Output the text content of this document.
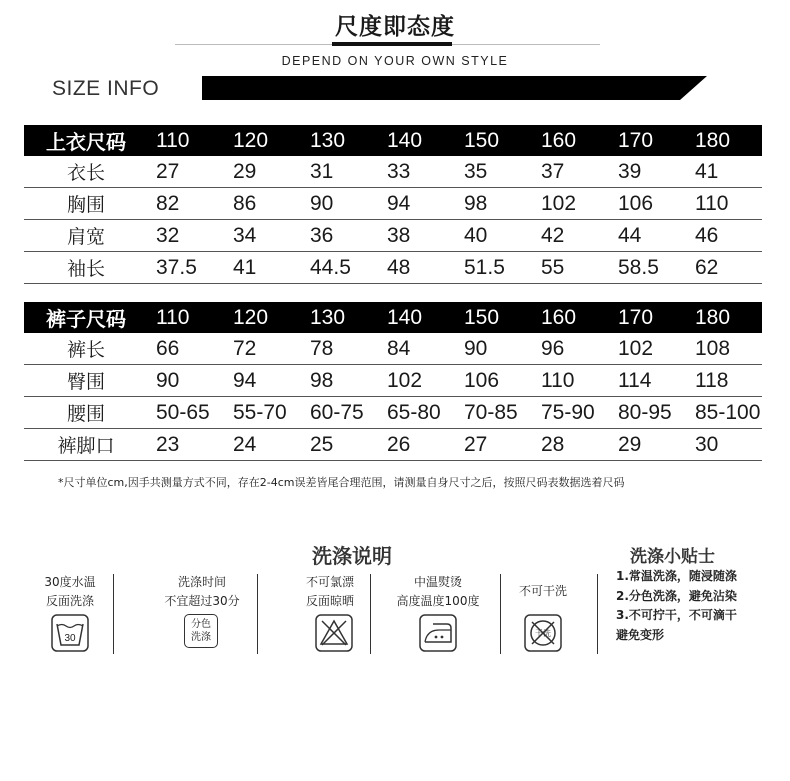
尺度即态度
DEPEND ON YOUR OWN STYLE
SIZE INFO
上衣尺码	110	120	130	140	150	160	170	180
衣长	27	29	31	33	35	37	39	41
胸围	82	86	90	94	98	102	106	110
肩宽	32	34	36	38	40	42	44	46
袖长	37.5	41	44.5	48	51.5	55	58.5	62
裤子尺码	110	120	130	140	150	160	170	180
裤长	66	72	78	84	90	96	102	108
臀围	90	94	98	102	106	110	114	118
腰围	50-65	55-70	60-75	65-80	70-85	75-90	80-95	85-100
裤脚口	23	24	25	26	27	28	29	30
*尺寸单位cm,因手共测量方式不同，存在2-4cm误差皆尾合理范围，请测量自身尺寸之后，按照尺码表数据选着尺码
洗涤说明	洗涤小贴士
30度水温
反面洗涤
30
洗涤时间
不宜超过30分
分色
洗涤
不可氯漂
反面晾晒
中温熨烫
高度温度100度
不可干洗
干洗
1.常温洗涤，随浸随涤
2.分色洗涤，避免沾染
3.不可拧干，不可滴干
避免变形
